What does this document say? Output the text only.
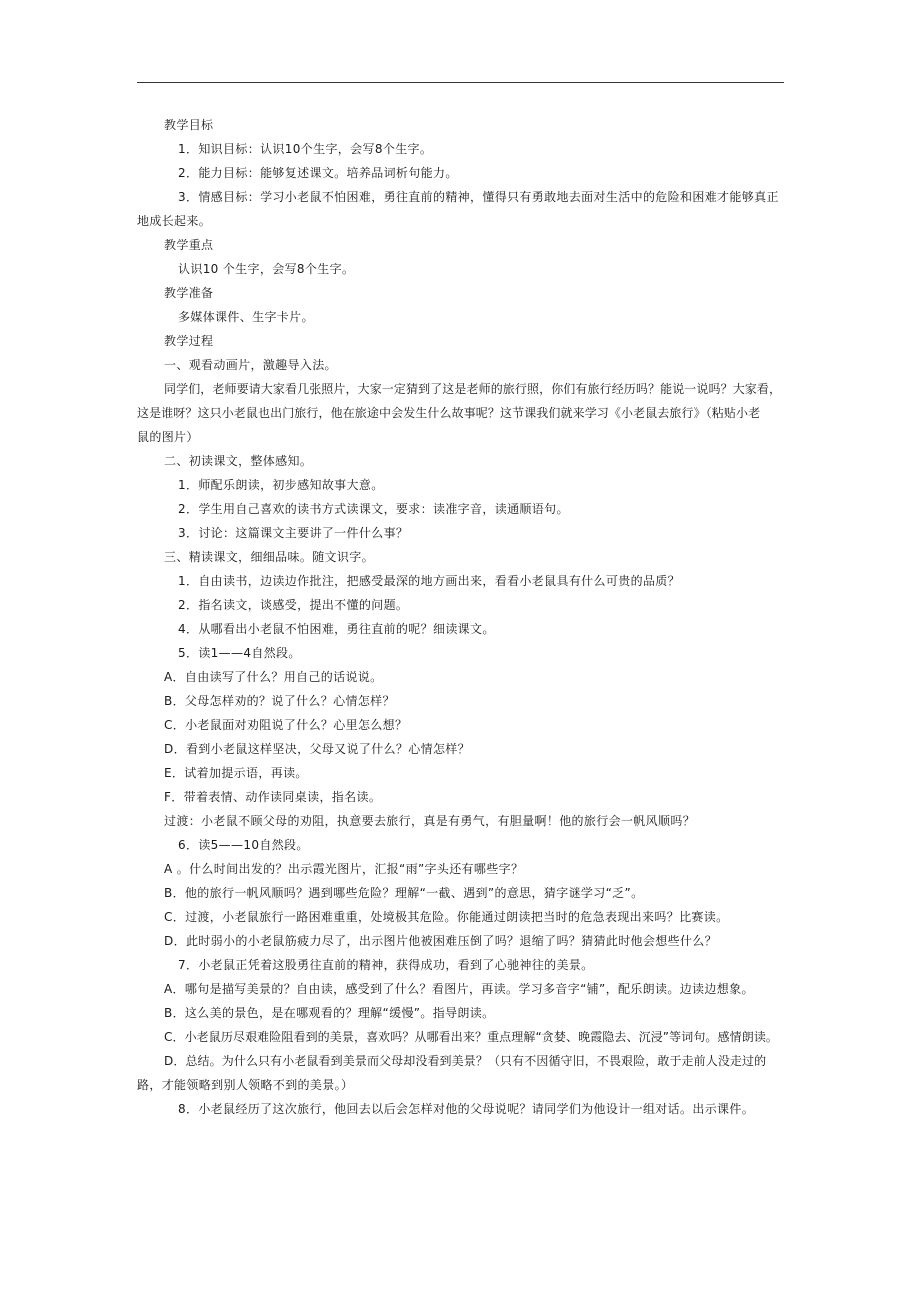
教学目标
1．知识目标：认识10个生字，会写8个生字。
2．能力目标：能够复述课文。培养品词析句能力。
3．情感目标：学习小老鼠不怕困难，勇往直前的精神，懂得只有勇敢地去面对生活中的危险和困难才能够真正
地成长起来。
教学重点
认识10 个生字，会写8个生字。
教学准备
多媒体课件、生字卡片。
教学过程
一、观看动画片，激趣导入法。
同学们，老师要请大家看几张照片，大家一定猜到了这是老师的旅行照，你们有旅行经历吗？能说一说吗？大家看，
这是谁呀？这只小老鼠也出门旅行，他在旅途中会发生什么故事呢？这节课我们就来学习《小老鼠去旅行》（粘贴小老
鼠的图片）
二、初读课文，整体感知。
1．师配乐朗读，初步感知故事大意。
2．学生用自己喜欢的读书方式读课文，要求：读准字音，读通顺语句。
3．讨论：这篇课文主要讲了一件什么事？
三、精读课文，细细品味。随文识字。
1．自由读书，边读边作批注，把感受最深的地方画出来，看看小老鼠具有什么可贵的品质？
2．指名读文，谈感受，提出不懂的问题。
4．从哪看出小老鼠不怕困难，勇往直前的呢？细读课文。
5．读1——4自然段。
A．自由读写了什么？用自己的话说说。
B．父母怎样劝的？说了什么？心情怎样？
C．小老鼠面对劝阻说了什么？心里怎么想？
D．看到小老鼠这样坚决，父母又说了什么？心情怎样？
E．试着加提示语，再读。
F．带着表情、动作读同桌读，指名读。
过渡：小老鼠不顾父母的劝阻，执意要去旅行，真是有勇气，有胆量啊！他的旅行会一帆风顺吗？
6．读5——10自然段。
A 。什么时间出发的？出示霞光图片，汇报“雨”字头还有哪些字？
B．他的旅行一帆风顺吗？遇到哪些危险？理解“一截、遇到”的意思，猜字谜学习“乏”。
C．过渡，小老鼠旅行一路困难重重，处境极其危险。你能通过朗读把当时的危急表现出来吗？比赛读。
D．此时弱小的小老鼠筋疲力尽了，出示图片他被困难压倒了吗？退缩了吗？猜猜此时他会想些什么？
7．小老鼠正凭着这股勇往直前的精神，获得成功，看到了心驰神往的美景。
A．哪句是描写美景的？自由读，感受到了什么？看图片，再读。学习多音字“铺”，配乐朗读。边读边想象。
B．这么美的景色，是在哪观看的？理解“缓慢”。指导朗读。
C．小老鼠历尽艰难险阻看到的美景，喜欢吗？从哪看出来？重点理解“贪婪、晚霞隐去、沉浸”等词句。感情朗读。
D．总结。为什么只有小老鼠看到美景而父母却没看到美景？（只有不因循守旧，不畏艰险，敢于走前人没走过的
路，才能领略到别人领略不到的美景。）
8．小老鼠经历了这次旅行，他回去以后会怎样对他的父母说呢？请同学们为他设计一组对话。出示课件。
